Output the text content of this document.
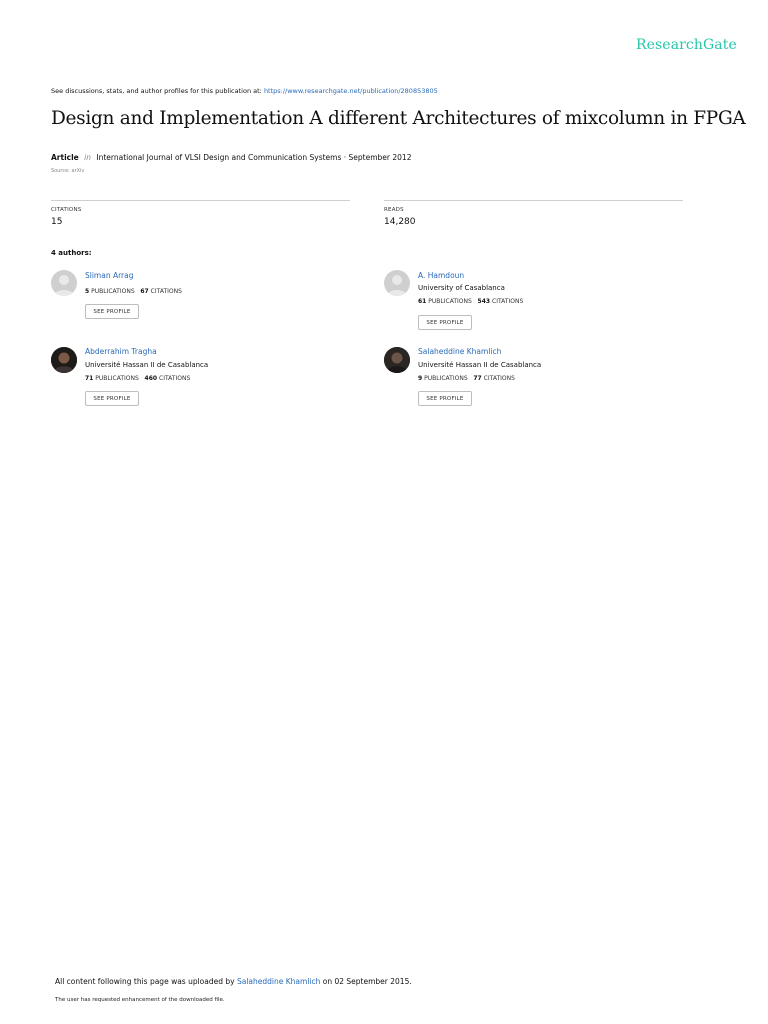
ResearchGate
See discussions, stats, and author profiles for this publication at: https://www.researchgate.net/publication/280853805
Design and Implementation A different Architectures of mixcolumn in FPGA
Article in International Journal of VLSI Design and Communication Systems · September 2012
Source: arXiv
CITATIONS
15
READS
14,280
4 authors:
Sliman Arrag
5 PUBLICATIONS 67 CITATIONS
SEE PROFILE
A. Hamdoun
University of Casablanca
61 PUBLICATIONS 543 CITATIONS
SEE PROFILE
Abderrahim Tragha
Université Hassan II de Casablanca
71 PUBLICATIONS 460 CITATIONS
SEE PROFILE
Salaheddine Khamlich
Université Hassan II de Casablanca
9 PUBLICATIONS 77 CITATIONS
SEE PROFILE
All content following this page was uploaded by Salaheddine Khamlich on 02 September 2015.
The user has requested enhancement of the downloaded file.
